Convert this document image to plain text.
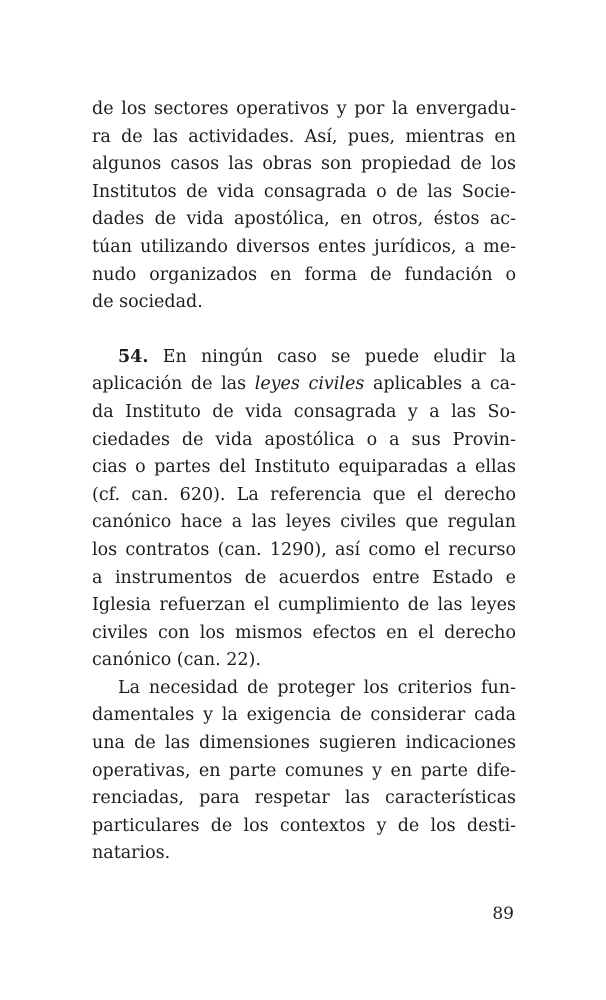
de los sectores operativos y por la envergadu-
ra de las actividades. Así, pues, mientras en
algunos casos las obras son propiedad de los
Institutos de vida consagrada o de las Socie-
dades de vida apostólica, en otros, éstos ac-
túan utilizando diversos entes jurídicos, a me-
nudo organizados en forma de fundación o
de sociedad.
54. En ningún caso se puede eludir la
aplicación de las leyes civiles aplicables a ca-
da Instituto de vida consagrada y a las So-
ciedades de vida apostólica o a sus Provin-
cias o partes del Instituto equiparadas a ellas
(cf. can. 620). La referencia que el derecho
canónico hace a las leyes civiles que regulan
los contratos (can. 1290), así como el recurso
a instrumentos de acuerdos entre Estado e
Iglesia refuerzan el cumplimiento de las leyes
civiles con los mismos efectos en el derecho
canónico (can. 22).
La necesidad de proteger los criterios fun-
damentales y la exigencia de considerar cada
una de las dimensiones sugieren indicaciones
operativas, en parte comunes y en parte dife-
renciadas, para respetar las características
particulares de los contextos y de los desti-
natarios.
89
